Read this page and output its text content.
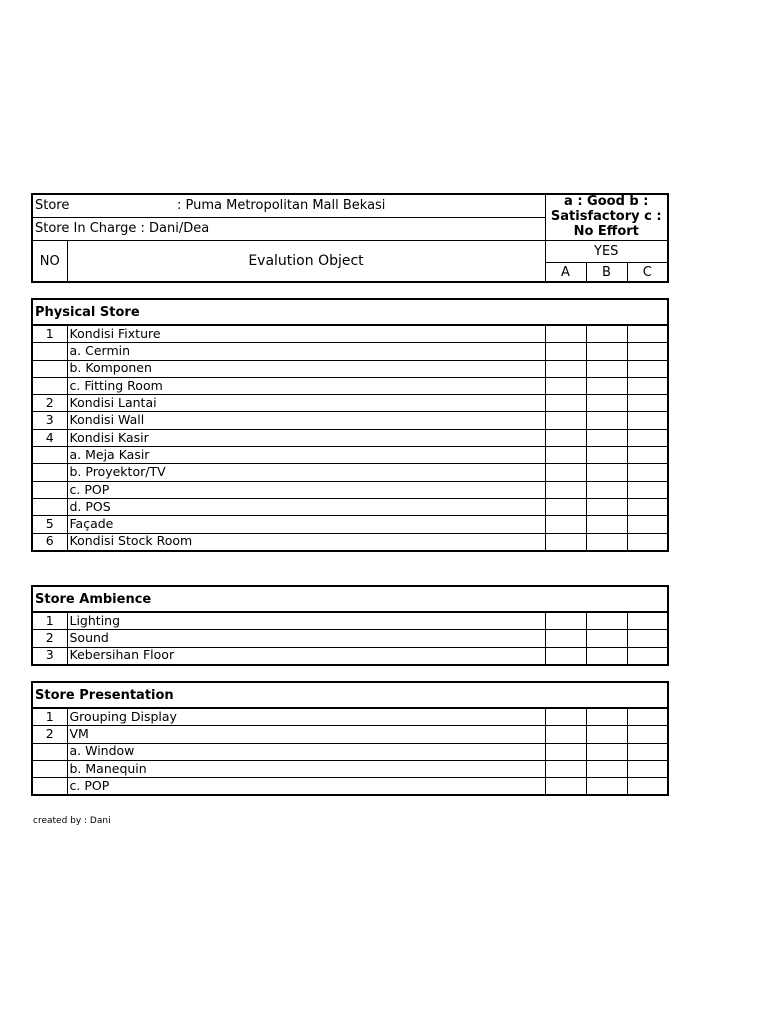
Store : Puma Metropolitan Mall Bekasi		a : Good b : Satisfactory c : No Effort		
Store In Charge : Dani/Dea				
NO	Evalution Object	YES		
		A	B	C
Physical Store				
1	Kondisi Fixture			
	a. Cermin			
	b. Komponen			
	c. Fitting Room			
2	Kondisi Lantai			
3	Kondisi Wall			
4	Kondisi Kasir			
	a. Meja Kasir			
	b. Proyektor/TV			
	c. POP			
	d. POS			
5	Façade			
6	Kondisi Stock Room			
Store Ambience				
1	Lighting			
2	Sound			
3	Kebersihan Floor			
Store Presentation				
1	Grouping Display			
2	VM			
	a. Window			
	b. Manequin			
	c. POP			
created by : Dani
